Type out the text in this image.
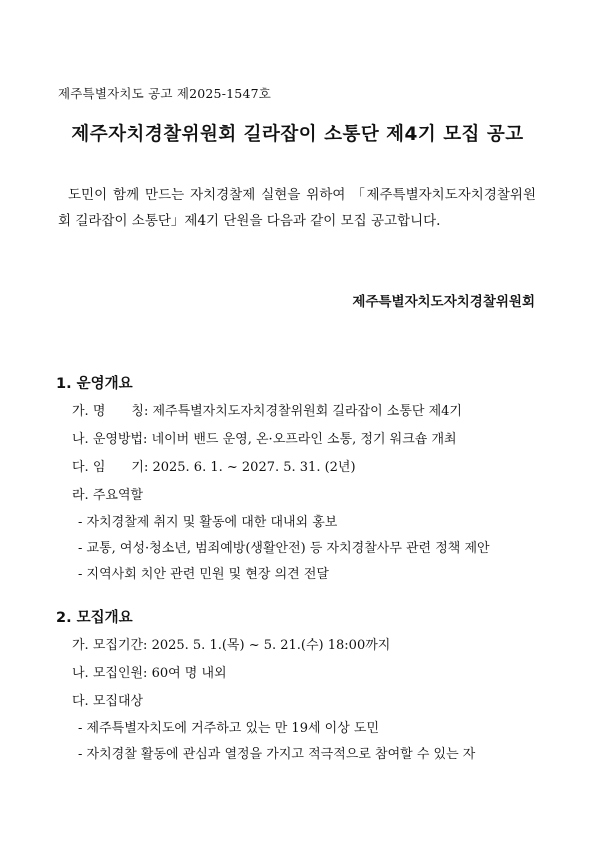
제주특별자치도 공고 제2025-1547호
제주자치경찰위원회 길라잡이 소통단 제4기 모집 공고

도민이 함께 만드는 자치경찰제 실현을 위하여 「제주특별자치도자치경찰위원회 길라잡이 소통단」제4기 단원을 다음과 같이 모집 공고합니다.

제주특별자치도자치경찰위원회
1. 운영개요
가. 명　　칭: 제주특별자치도자치경찰위원회 길라잡이 소통단 제4기
나. 운영방법: 네이버 밴드 운영, 온·오프라인 소통, 정기 워크숍 개최
다. 임　　기: 2025. 6. 1. ~ 2027. 5. 31. (2년)
라. 주요역할
- 자치경찰제 취지 및 활동에 대한 대내외 홍보
- 교통, 여성·청소년, 범죄예방(생활안전) 등 자치경찰사무 관련 정책 제안
- 지역사회 치안 관련 민원 및 현장 의견 전달
2. 모집개요
가. 모집기간: 2025. 5. 1.(목) ~ 5. 21.(수) 18:00까지
나. 모집인원: 60여 명 내외
다. 모집대상
- 제주특별자치도에 거주하고 있는 만 19세 이상 도민
- 자치경찰 활동에 관심과 열정을 가지고 적극적으로 참여할 수 있는 자
